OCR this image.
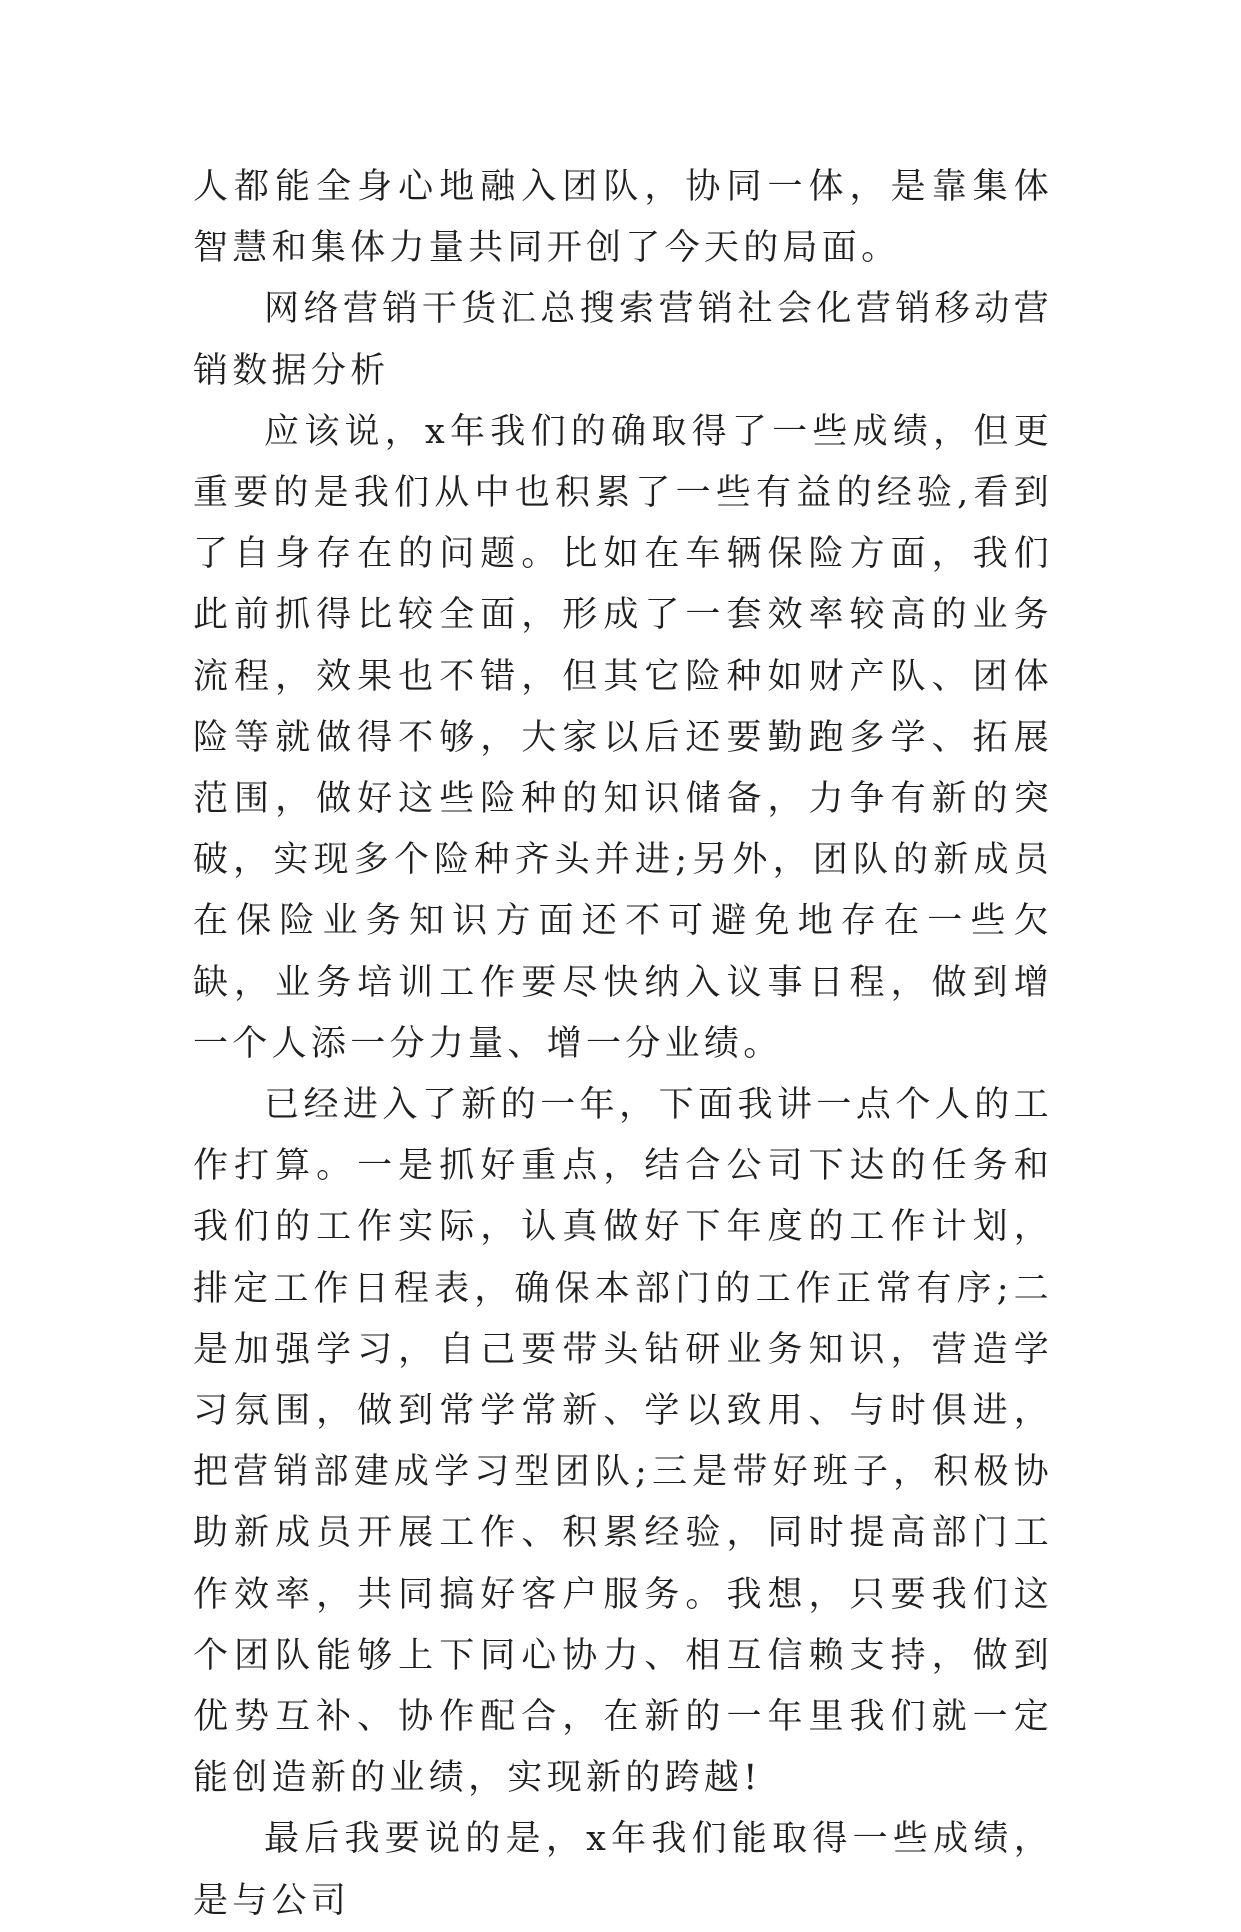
人都能全身心地融入团队，协同一体，是靠集体智慧和集体力量共同开创了今天的局面。

网络营销干货汇总搜索营销社会化营销移动营销数据分析

应该说，x年我们的确取得了一些成绩，但更重要的是我们从中也积累了一些有益的经验,看到了自身存在的问题。比如在车辆保险方面，我们此前抓得比较全面，形成了一套效率较高的业务流程，效果也不错，但其它险种如财产队、团体险等就做得不够，大家以后还要勤跑多学、拓展范围，做好这些险种的知识储备，力争有新的突破，实现多个险种齐头并进;另外，团队的新成员在保险业务知识方面还不可避免地存在一些欠缺，业务培训工作要尽快纳入议事日程，做到增一个人添一分力量、增一分业绩。

已经进入了新的一年，下面我讲一点个人的工作打算。一是抓好重点，结合公司下达的任务和我们的工作实际，认真做好下年度的工作计划，排定工作日程表，确保本部门的工作正常有序;二是加强学习，自己要带头钻研业务知识，营造学习氛围，做到常学常新、学以致用、与时俱进，把营销部建成学习型团队;三是带好班子，积极协助新成员开展工作、积累经验，同时提高部门工作效率，共同搞好客户服务。我想，只要我们这个团队能够上下同心协力、相互信赖支持，做到优势互补、协作配合，在新的一年里我们就一定能创造新的业绩，实现新的跨越!

最后我要说的是，x年我们能取得一些成绩，是与公司
